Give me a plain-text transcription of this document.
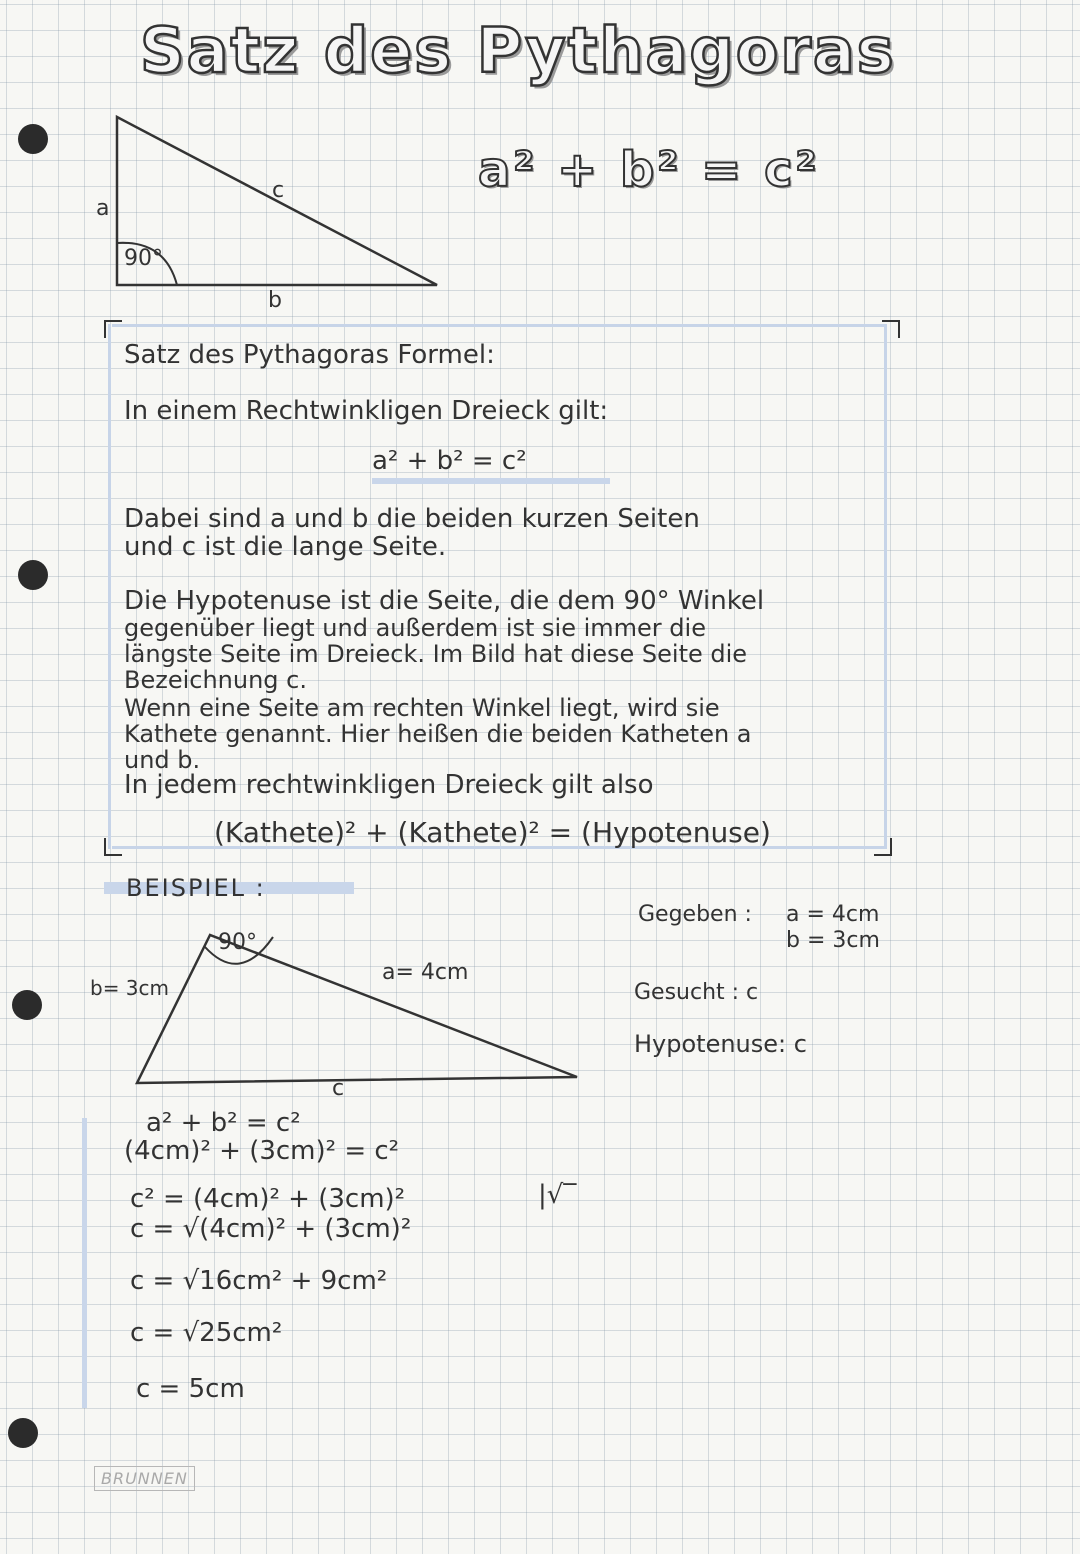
Satz des Pythagoras
a² + b² = c²
a
c
b
90°
Satz des Pythagoras Formel:
In einem Rechtwinkligen Dreieck gilt:
a² + b² = c²
Dabei sind a und b die beiden kurzen Seiten
und c ist die lange Seite.
Die Hypotenuse ist die Seite, die dem 90° Winkel
gegenüber liegt und außerdem ist sie immer die
längste Seite im Dreieck. Im Bild hat diese Seite die
Bezeichnung c.
Wenn eine Seite am rechten Winkel liegt, wird sie
Kathete genannt. Hier heißen die beiden Katheten a
und b.
In jedem rechtwinkligen Dreieck gilt also
(Kathete)² + (Kathete)² = (Hypotenuse)
BEISPIEL :
90°
b= 3cm
a= 4cm
c
Gegeben : a = 4cm
b = 3cm
Gesucht : c
Hypotenuse: c
a² + b² = c²
(4cm)² + (3cm)² = c²
c² = (4cm)² + (3cm)²
c = √(4cm)² + (3cm)²
c = √16cm² + 9cm²
c = √25cm²
c = 5cm
|√‾
BRUNNEN
